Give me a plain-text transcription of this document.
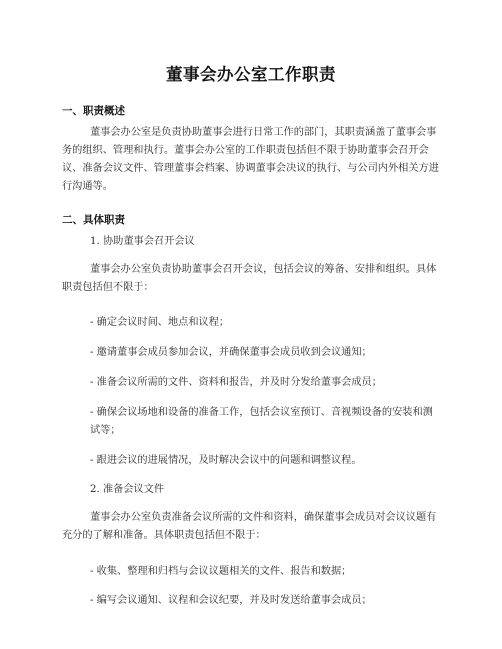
董事会办公室工作职责
一、职责概述
董事会办公室是负责协助董事会进行日常工作的部门，其职责涵盖了董事会事务的组织、管理和执行。董事会办公室的工作职责包括但不限于协助董事会召开会议、准备会议文件、管理董事会档案、协调董事会决议的执行、与公司内外相关方进行沟通等。
二、具体职责
1. 协助董事会召开会议
董事会办公室负责协助董事会召开会议，包括会议的筹备、安排和组织。具体职责包括但不限于：
- 确定会议时间、地点和议程；
- 邀请董事会成员参加会议，并确保董事会成员收到会议通知；
- 准备会议所需的文件、资料和报告，并及时分发给董事会成员；
- 确保会议场地和设备的准备工作，包括会议室预订、音视频设备的安装和测试等；
- 跟进会议的进展情况，及时解决会议中的问题和调整议程。
2. 准备会议文件
董事会办公室负责准备会议所需的文件和资料，确保董事会成员对会议议题有充分的了解和准备。具体职责包括但不限于：
- 收集、整理和归档与会议议题相关的文件、报告和数据；
- 编写会议通知、议程和会议纪要，并及时发送给董事会成员；
